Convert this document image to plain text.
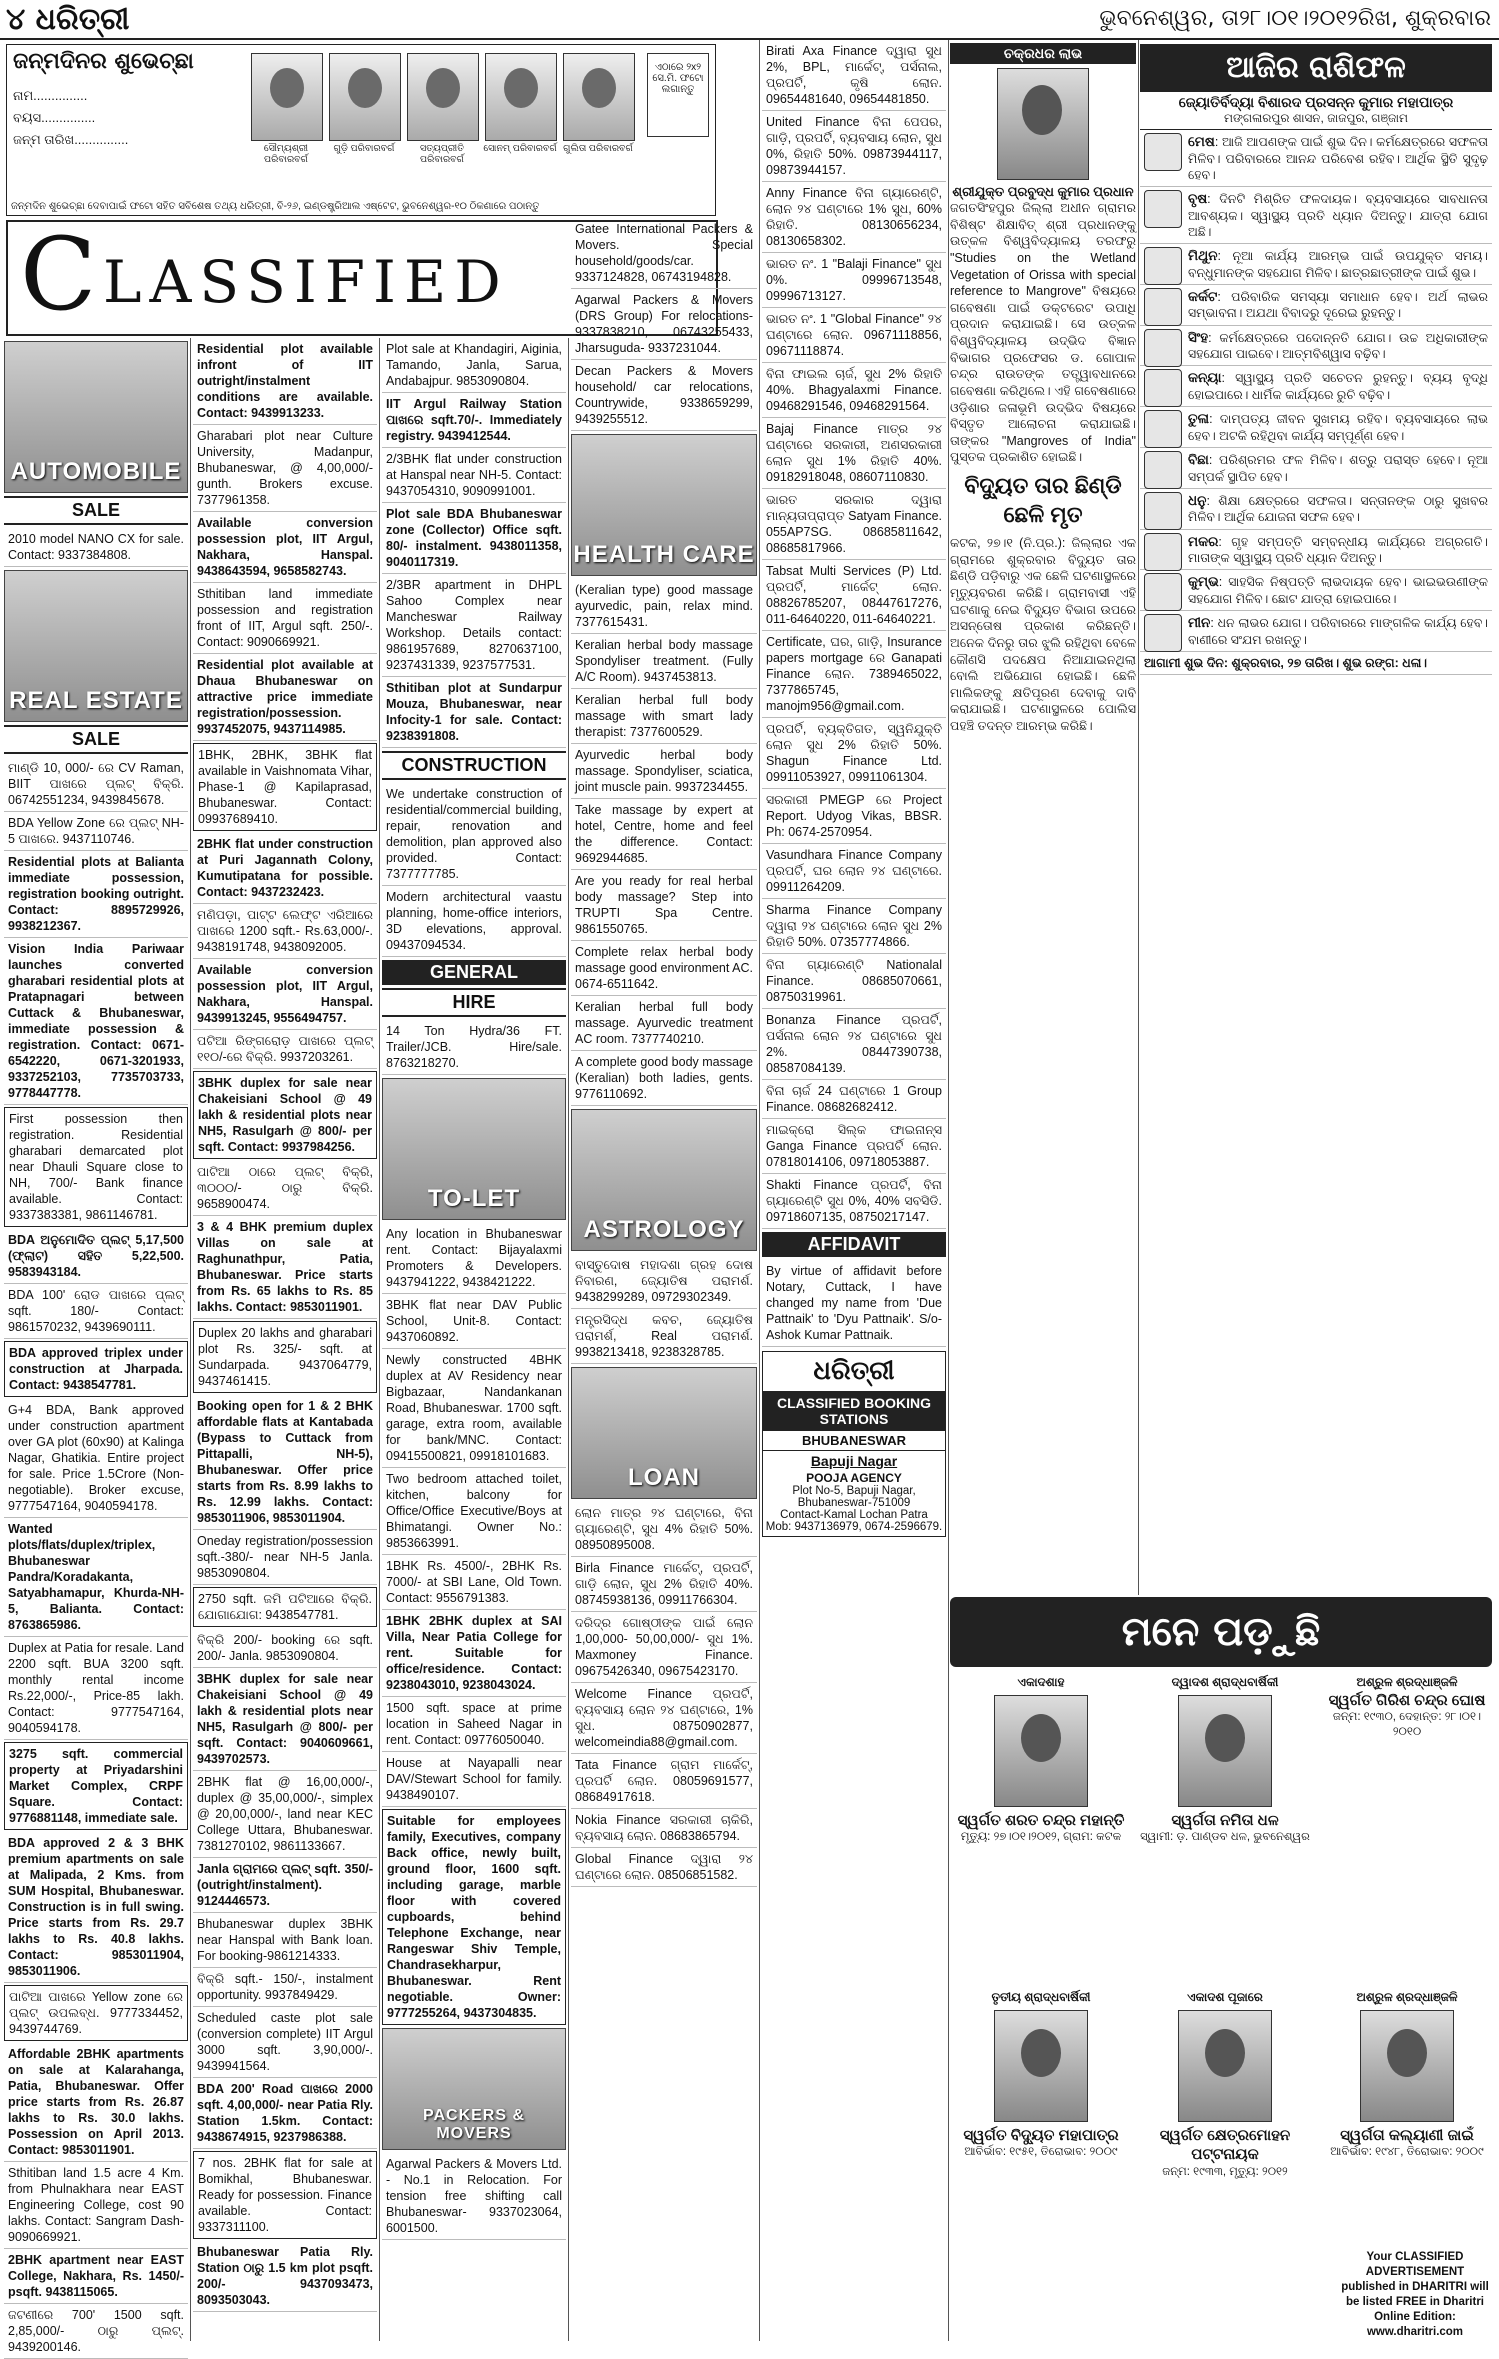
୪ ଧରିତ୍ରୀ	ଭୁବନେଶ୍ୱର, ତା୨୮।୦୧।୨୦୧୨ରିଖ, ଶୁକ୍ରବାର
ଜନ୍ମଦିନର ଶୁଭେଚ୍ଛା
ନାମ...............
ବୟସ...............
ଜନ୍ମ ତାରିଖ...............
ସୌମ୍ୟଶ୍ରୀ ପରିବାରବର୍ଗ
ଗୁଡ଼ି ପରିବାରବର୍ଗ	ସତ୍ୟପ୍ରୀତି ପରିବାରବର୍ଗ
ସୋନମ୍ ପରିବାରବର୍ଗ ଗୁଲିତା ପରିବାରବର୍ଗ
ଏଠାରେ ୨x୨ ସେ.ମି. ଫଟୋ ଲଗାନ୍ତୁ
ଜନ୍ମଦିନ ଶୁଭେଚ୍ଛା ଦେବାପାଇଁ ଫଟୋ ସହିତ ସବିଶେଷ ତଥ୍ୟ ଧରିତ୍ରୀ, ବି-୨୬, ଇଣ୍ଡଷ୍ଟ୍ରିଆଲ ଏଷ୍ଟେଟ, ଭୁବନେଶ୍ୱର-୧୦ ଠିକଣାରେ ପଠାନ୍ତୁ
C LASSIFIED
AUTOMOBILE
SALE
2010 model NANO CX for sale. Contact: 9337384808.
REAL ESTATE
SALE
ମାଣ୍ଡି 10, 000/- ରେ CV Raman, BIIT ପାଖରେ ପ୍ଲଟ୍ ବିକ୍ରି. 06742551234, 9439845678.
BDA Yellow Zone ରେ ପ୍ଲଟ୍ NH-5 ପାଖରେ. 9437110746.
Residential plots at Balianta immediate possession, registration booking outright. Contact: 8895729926, 9938212367.
Vision India Pariwaar launches converted gharabari residential plots at Pratapnagari between Cuttack & Bhubaneswar, immediate possession & registration. Contact: 0671-6542220, 0671-3201933, 9337252103, 7735703733, 9778447778.
First possession then registration. Residential gharabari demarcated plot near Dhauli Square close to NH, 700/- Bank finance available. Contact: 9337383381, 9861146781.
BDA ଅନୁମୋଦିତ ପ୍ଲଟ୍ 5,17,500 (ଫ୍ଲାଟ) ସହିତ 5,22,500. 9583943184.
BDA 100' ରୋଡ ପାଖରେ ପ୍ଲଟ୍ sqft. 180/- Contact: 9861570232, 9439690111.
BDA approved triplex under construction at Jharpada. Contact: 9438547781.
G+4 BDA, Bank approved under construction apartment over GA plot (60x90) at Kalinga Nagar, Ghatikia. Entire project for sale. Price 1.5Crore (Non-negotiable). Broker excuse, 9777547164, 9040594178.
Wanted plots/flats/duplex/triplex, Bhubaneswar Pandra/Koradakanta, Satyabhamapur, Khurda-NH-5, Balianta. Contact: 8763865986.
Duplex at Patia for resale. Land 2200 sqft. BUA 3200 sqft. monthly rental income Rs.22,000/-, Price-85 lakh. Contact: 9777547164, 9040594178.
3275 sqft. commercial property at Priyadarshini Market Complex, CRPF Square. Contact: 9776881148, immediate sale.
BDA approved 2 & 3 BHK premium apartments on sale at Malipada, 2 Kms. from SUM Hospital, Bhubaneswar. Construction is in full swing. Price starts from Rs. 29.7 lakhs to Rs. 40.8 lakhs. Contact: 9853011904, 9853011906.
ପାଟିଆ ପାଖରେ Yellow zone ରେ ପ୍ଲଟ୍ ଉପଲବ୍ଧ. 9777334452, 9439744769.
Affordable 2BHK apartments on sale at Kalarahanga, Patia, Bhubaneswar. Offer price starts from Rs. 26.87 lakhs to Rs. 30.0 lakhs. Possession on April 2013. Contact: 9853011901.
Sthitiban land 1.5 acre 4 Km. from Phulnakhara near EAST Engineering College, cost 90 lakhs. Contact: Sangram Dash- 9090669921.
2BHK apartment near EAST College, Nakhara, Rs. 1450/-psqft. 9438115065.
ଜଟଣୀରେ 700' 1500 sqft. 2,85,000/- ଠାରୁ ପ୍ଲଟ୍. 9439200146.
Residential plot available infront of IIT outright/instalment conditions are available. Contact: 9439913233.
Gharabari plot near Culture University, Madanpur, Bhubaneswar, @ 4,00,000/-gunth. Brokers excuse. 7377961358.
Available conversion possession plot, IIT Argul, Nakhara, Hanspal. 9438643594, 9658582743.
Sthitiban land immediate possession and registration front of IIT, Argul sqft. 250/-. Contact: 9090669921.
Residential plot available at Dhaua Bhubaneswar on attractive price immediate registration/possession. 9937452075, 9437114985.
1BHK, 2BHK, 3BHK flat available in Vaishnomata Vihar, Phase-1 @ Kapilaprasad, Bhubaneswar. Contact: 09937689410.
2BHK flat under construction at Puri Jagannath Colony, Kumutipatana for possible. Contact: 9437232423.
ମଣିପଡ଼ା, ପାଟ୍ଟ ଲେଫ୍ଟ ଏରିଆରେ ପାଖରେ 1200 sqft.- Rs.63,000/-. 9438191748, 9438092005.
Available conversion possession plot, IIT Argul, Nakhara, Hanspal. 9439913245, 9556494757.
ପଟିଆ ରିଙ୍ଗରୋଡ଼ ପାଖରେ ପ୍ଲଟ୍ ୧୧୦/-ରେ ବିକ୍ରି. 9937203261.
3BHK duplex for sale near Chakeisiani School @ 49 lakh & residential plots near NH5, Rasulgarh @ 800/- per sqft. Contact: 9937984256.
ପାଟିଆ ଠାରେ ପ୍ଲଟ୍ ବିକ୍ରି, ୩୦୦୦/- ଠାରୁ ବିକ୍ରି. 9658900474.
3 & 4 BHK premium duplex Villas on sale at Raghunathpur, Patia, Bhubaneswar. Price starts from Rs. 65 lakhs to Rs. 85 lakhs. Contact: 9853011901.
Duplex 20 lakhs and gharabari plot Rs. 325/- sqft. at Sundarpada. 9437064779, 9437461415.
Booking open for 1 & 2 BHK affordable flats at Kantabada (Bypass to Cuttack from Pittapalli, NH-5), Bhubaneswar. Offer price starts from Rs. 8.99 lakhs to Rs. 12.99 lakhs. Contact: 9853011906, 9853011904.
Oneday registration/possession sqft.-380/- near NH-5 Janla. 9853090804.
2750 sqft. ଜମି ପଟିଆରେ ବିକ୍ରି. ଯୋଗାଯୋଗ: 9438547781.
ବିକ୍ରି 200/- booking ରେ sqft. 200/- Janla. 9853090804.
3BHK duplex for sale near Chakeisiani School @ 49 lakh & residential plots near NH5, Rasulgarh @ 800/- per sqft. Contact: 9040609661, 9439702573.
2BHK flat @ 16,00,000/-, duplex @ 35,00,000/-, simplex @ 20,00,000/-, land near KEC College Uttara, Bhubaneswar. 7381270102, 9861133667.
Janla ଗ୍ରାମରେ ପ୍ଲଟ୍ sqft. 350/- (outright/instalment). 9124446573.
Bhubaneswar duplex 3BHK near Hanspal with Bank loan. For booking-9861214333.
ବିକ୍ରି sqft.- 150/-, instalment opportunity. 9937849429.
Scheduled caste plot sale (conversion complete) IIT Argul 3000 sqft. 3,90,000/-. 9439941564.
BDA 200' Road ପାଖରେ 2000 sqft. 4,00,000/- near Patia Rly. Station 1.5km. Contact: 9438674915, 9237986388.
7 nos. 2BHK flat for sale at Bomikhal, Bhubaneswar. Ready for possession. Finance available. Contact: 9337311100.
Bhubaneswar Patia Rly. Station ଠାରୁ 1.5 km plot psqft. 200/- 9437093473, 8093503043.
Plot sale at Khandagiri, Aiginia, Tamando, Janla, Sarua, Andabajpur. 9853090804.
IIT Argul Railway Station ପାଖରେ sqft.70/-. Immediately registry. 9439412544.
2/3BHK flat under construction at Hanspal near NH-5. Contact: 9437054310, 9090991001.
Plot sale BDA Bhubaneswar zone (Collector) Office sqft. 80/- instalment. 9438011358, 9040117319.
2/3BR apartment in DHPL Sahoo Complex near Mancheswar Railway Workshop. Details contact: 9861957689, 8270637100, 9237431339, 9237577531.
Sthitiban plot at Sundarpur Mouza, Bhubaneswar, near Infocity-1 for sale. Contact: 9238391808.
CONSTRUCTION
We undertake construction of residential/commercial building, repair, renovation and demolition, plan approved also provided. Contact: 7377777785.
Modern architectural vaastu planning, home-office interiors, 3D elevations, approval. 09437094534.
GENERAL
HIRE
14 Ton Hydra/36 FT. Trailer/JCB. Hire/sale. 8763218270.
TO-LET
Any location in Bhubaneswar rent. Contact: Bijayalaxmi Promoters & Developers. 9437941222, 9438421222.
3BHK flat near DAV Public School, Unit-8. Contact: 9437060892.
Newly constructed 4BHK duplex at AV Residency near Bigbazaar, Nandankanan Road, Bhubaneswar. 1700 sqft. garage, extra room, available for bank/MNC. Contact: 09415500821, 09918101683.
Two bedroom attached toilet, kitchen, balcony for Office/Office Executive/Boys at Bhimatangi. Owner No.: 9853663991.
1BHK Rs. 4500/-, 2BHK Rs. 7000/- at SBI Lane, Old Town. Contact: 9556791383.
1BHK 2BHK duplex at SAI Villa, Near Patia College for rent. Suitable for office/residence. Contact: 9238043010, 9238043024.
1500 sqft. space at prime location in Saheed Nagar in rent. Contact: 09776050040.
House at Nayapalli near DAV/Stewart School for family. 9438490107.
Suitable for employees family, Executives, company Back office, newly built, ground floor, 1600 sqft. including garage, marble floor with covered cupboards, behind Telephone Exchange, near Rangeswar Shiv Temple, Chandrasekharpur, Bhubaneswar. Rent negotiable. Owner: 9777255264, 9437304835.
PACKERS & MOVERS
Agarwal Packers & Movers Ltd. - No.1 in Relocation. For tension free shifting call Bhubaneswar- 9337023064, 6001500.
Gatee International Packers & Movers. Special household/goods/car. 9337124828, 06743194828.
Agarwal Packers & Movers (DRS Group) For relocations- 9337838210, 06743255433, Jharsuguda- 9337231044.
Decan Packers & Movers household/ car relocations, Countrywide, 9338659299, 9439255512.
HEALTH CARE
(Keralian type) good massage ayurvedic, pain, relax mind. 7377615431.
Keralian herbal body massage Spondyliser treatment. (Fully A/C Room). 9437453813.
Keralian herbal full body massage with smart lady therapist: 7377600529.
Ayurvedic herbal body massage. Spondyliser, sciatica, joint muscle pain. 9937234455.
Take massage by expert at hotel, Centre, home and feel the difference. Contact: 9692944685.
Are you ready for real herbal body massage? Step into TRUPTI Spa Centre. 9861550765.
Complete relax herbal body massage good environment AC. 0674-6511642.
Keralian herbal full body massage. Ayurvedic treatment AC room. 7377740210.
A complete good body massage (Keralian) both ladies, gents. 9776110692.
ASTROLOGY
ବାସ୍ତୁଦୋଷ ମହାଦଶା ଗ୍ରହ ଦୋଷ ନିବାରଣ, ଜ୍ୟୋତିଷ ପରାମର୍ଶ. 9438299289, 09729302349.
ମନ୍ତ୍ରସିଦ୍ଧ କବଚ, ଜ୍ୟୋତିଷ ପରାମର୍ଶ, Real ପରାମର୍ଶ. 9938213418, 9238328785.
LOAN
ଲୋନ ମାତ୍ର ୨୪ ଘଣ୍ଟାରେ, ବିନା ଗ୍ୟାରେଣ୍ଟି, ସୁଧ 4% ରିହାତି 50%. 08950895008.
Birla Finance ମାର୍କେଟ୍, ପ୍ରପର୍ଟି, ଗାଡ଼ି ଲୋନ, ସୁଧ 2% ରିହାତି 40%. 08745938136, 09911766304.
ଦରିଦ୍ର ଗୋଷ୍ଠୀଙ୍କ ପାଇଁ ଲୋନ 1,00,000- 50,00,000/- ସୁଧ 1%. Maxmoney Finance. 09675426340, 09675423170.
Welcome Finance ପ୍ରପର୍ଟି, ବ୍ୟବସାୟ ଲୋନ ୨୪ ଘଣ୍ଟାରେ, 1% ସୁଧ. 08750902877, welcomeindia88@gmail.com.
Tata Finance ଗ୍ରାମ ମାର୍କେଟ୍, ପ୍ରପର୍ଟି ଲୋନ. 08059691577, 08684917618.
Nokia Finance ସରକାରୀ ଚାକିରି, ବ୍ୟବସାୟ ଲୋନ. 08683865794.
Global Finance ଦ୍ୱାରା ୨୪ ଘଣ୍ଟାରେ ଲୋନ. 08506851582.
Birati Axa Finance ଦ୍ୱାରା ସୁଧ 2%, BPL, ମାର୍କେଟ୍, ପର୍ସନାଲ, ପ୍ରପର୍ଟି, କୃଷି ଲୋନ. 09654481640, 09654481850.
United Finance ବିନା ପେପର, ଗାଡ଼ି, ପ୍ରପର୍ଟି, ବ୍ୟବସାୟ ଲୋନ, ସୁଧ 0%, ରିହାତି 50%. 09873944117, 09873944157.
Anny Finance ବିନା ଗ୍ୟାରେଣ୍ଟି, ଲୋନ ୨୪ ଘଣ୍ଟାରେ 1% ସୁଧ, 60% ରିହାତି. 08130656234, 08130658302.
ଭାରତ ନଂ. 1 "Balaji Finance" ସୁଧ 0%. 09996713548, 09996713127.
ଭାରତ ନଂ. 1 "Global Finance" ୨୪ ଘଣ୍ଟାରେ ଲୋନ. 09671118856, 09671118874.
ବିନା ଫାଇଲ ଚାର୍ଜ, ସୁଧ 2% ରିହାତି 40%. Bhagyalaxmi Finance. 09468291546, 09468291564.
Bajaj Finance ମାତ୍ର ୨୪ ଘଣ୍ଟାରେ ସରକାରୀ, ଅଣସରକାରୀ ଲୋନ ସୁଧ 1% ରିହାତି 40%. 09182918048, 08607110830.
ଭାରତ ସରକାର ଦ୍ୱାରା ମାନ୍ୟତାପ୍ରାପ୍ତ Satyam Finance. 055AP7SG. 08685811642, 08685817966.
Tabsat Multi Services (P) Ltd. ପ୍ରପର୍ଟି, ମାର୍କେଟ୍ ଲୋନ. 08826785207, 08447617276, 011-64640220, 011-64640221.
Certificate, ଘର, ଗାଡ଼ି, Insurance papers mortgage ରେ Ganapati Finance ଲୋନ. 7389465022, 7377865745, manojm956@gmail.com.
ପ୍ରପର୍ଟି, ବ୍ୟକ୍ତିଗତ, ସ୍ୱନିଯୁକ୍ତି ଲୋନ ସୁଧ 2% ରିହାତି 50%. Shagun Finance Ltd. 09911053927, 09911061304.
ସରକାରୀ PMEGP ରେ Project Report. Udyog Vikas, BBSR. Ph: 0674-2570954.
Vasundhara Finance Company ପ୍ରପର୍ଟି, ଘର ଲୋନ ୨୪ ଘଣ୍ଟାରେ. 09911264209.
Sharma Finance Company ଦ୍ୱାରା ୨୪ ଘଣ୍ଟାରେ ଲୋନ ସୁଧ 2% ରିହାତି 50%. 07357774866.
ବିନା ଗ୍ୟାରେଣ୍ଟି Nationalal Finance. 08685070661, 08750319961.
Bonanza Finance ପ୍ରପର୍ଟି, ପର୍ସନାଲ ଲୋନ ୨୪ ଘଣ୍ଟାରେ ସୁଧ 2%. 08447390738, 08587084139.
ବିନା ଚାର୍ଜ 24 ଘଣ୍ଟାରେ 1 Group Finance. 08682682412.
ମାଇକ୍ରୋ ସିଲ୍କ ଫାଇନାନ୍ସ Ganga Finance ପ୍ରପର୍ଟି ଲୋନ. 07818014106, 09718053887.
Shakti Finance ପ୍ରପର୍ଟି, ବିନା ଗ୍ୟାରେଣ୍ଟି ସୁଧ 0%, 40% ସବସିଡି. 09718607135, 08750217147.
AFFIDAVIT
By virtue of affidavit before Notary, Cuttack, I have changed my name from 'Due Pattnaik' to 'Dyu Pattnaik'. S/o-Ashok Kumar Pattnaik.
ଧରିତ୍ରୀ
CLASSIFIED BOOKING STATIONS
BHUBANESWAR
Bapuji Nagar
POOJA AGENCY
Plot No-5, Bapuji Nagar, Bhubaneswar-751009
Contact-Kamal Lochan Patra
Mob: 9437136979, 0674-2596679.
ଚକ୍ରଧର ଲାଭ
ଶ୍ରୀଯୁକ୍ତ ପ୍ରବୁଦ୍ଧ କୁମାର ପ୍ରଧାନ
ଜଗତସିଂହପୁର ଜିଲ୍ଲା ଅଧୀନ ଗ୍ରାମର ବିଶିଷ୍ଟ ଶିକ୍ଷାବିତ୍ ଶ୍ରୀ ପ୍ରଧାନଙ୍କୁ ଉତ୍କଳ ବିଶ୍ୱବିଦ୍ୟାଳୟ ତରଫରୁ "Studies on the Wetland Vegetation of Orissa with special reference to Mangrove" ବିଷୟରେ ଗବେଷଣା ପାଇଁ ଡକ୍ଟରେଟ ଉପାଧି ପ୍ରଦାନ କରାଯାଇଛି। ସେ ଉତ୍କଳ ବିଶ୍ୱବିଦ୍ୟାଳୟ ଉଦ୍ଭିଦ ବିଜ୍ଞାନ ବିଭାଗର ପ୍ରଫେସର ଡ. ଗୋପାଳ ଚନ୍ଦ୍ର ରାଉତଙ୍କ ତତ୍ତ୍ୱାବଧାନରେ ଗବେଷଣା କରିଥିଲେ। ଏହି ଗବେଷଣାରେ ଓଡ଼ିଶାର ଜଳାଭୂମି ଉଦ୍ଭିଦ ବିଷୟରେ ବିସ୍ତୃତ ଆଲୋଚନା କରାଯାଇଛି। ତାଙ୍କର "Mangroves of India" ପୁସ୍ତକ ପ୍ରକାଶିତ ହୋଇଛି।
ବିଦ୍ୟୁତ ତାର ଛିଣ୍ଡି ଛେଳି ମୃତ
କଟକ, ୨୭।୧ (ନି.ପ୍ର.): ଜିଲ୍ଲାର ଏକ ଗ୍ରାମରେ ଶୁକ୍ରବାର ବିଦ୍ୟୁତ ତାର ଛିଣ୍ଡି ପଡ଼ିବାରୁ ଏକ ଛେଳି ଘଟଣାସ୍ଥଳରେ ମୃତ୍ୟୁବରଣ କରିଛି। ଗ୍ରାମବାସୀ ଏହି ଘଟଣାକୁ ନେଇ ବିଦ୍ୟୁତ ବିଭାଗ ଉପରେ ଅସନ୍ତୋଷ ପ୍ରକାଶ କରିଛନ୍ତି। ଅନେକ ଦିନରୁ ତାର ଝୁଲି ରହିଥିବା ବେଳେ କୌଣସି ପଦକ୍ଷେପ ନିଆଯାଇନଥିଲା ବୋଲି ଅଭିଯୋଗ ହୋଇଛି। ଛେଳି ମାଲିକଙ୍କୁ କ୍ଷତିପୂରଣ ଦେବାକୁ ଦାବି କରାଯାଇଛି। ଘଟଣାସ୍ଥଳରେ ପୋଲିସ ପହଞ୍ଚି ତଦନ୍ତ ଆରମ୍ଭ କରିଛି।
ଆଜିର ରାଶିଫଳ
ଜ୍ୟୋତିର୍ବିଦ୍ୟା ବିଶାରଦ ପ୍ରସନ୍ନ କୁମାର ମହାପାତ୍ର
ମଙ୍ଗଳାରପୁର ଶାସନ, ଜାଜପୁର, ଗଞ୍ଜାମ
ମେଷ: ଆଜି ଆପଣଙ୍କ ପାଇଁ ଶୁଭ ଦିନ। କର୍ମକ୍ଷେତ୍ରରେ ସଫଳତା ମିଳିବ। ପରିବାରରେ ଆନନ୍ଦ ପରିବେଶ ରହିବ। ଆର୍ଥିକ ସ୍ଥିତି ସୁଦୃଢ଼ ହେବ।
ବୃଷ: ଦିନଟି ମିଶ୍ରିତ ଫଳଦାୟକ। ବ୍ୟବସାୟରେ ସାବଧାନତା ଆବଶ୍ୟକ। ସ୍ୱାସ୍ଥ୍ୟ ପ୍ରତି ଧ୍ୟାନ ଦିଅନ୍ତୁ। ଯାତ୍ରା ଯୋଗ ଅଛି।
ମିଥୁନ: ନୂଆ କାର୍ଯ୍ୟ ଆରମ୍ଭ ପାଇଁ ଉପଯୁକ୍ତ ସମୟ। ବନ୍ଧୁମାନଙ୍କ ସହଯୋଗ ମିଳିବ। ଛାତ୍ରଛାତ୍ରୀଙ୍କ ପାଇଁ ଶୁଭ।
କର୍କଟ: ପରିବାରିକ ସମସ୍ୟା ସମାଧାନ ହେବ। ଅର୍ଥ ଲାଭର ସମ୍ଭାବନା। ଅଯଥା ବିବାଦରୁ ଦୂରେଇ ରୁହନ୍ତୁ।
ସିଂହ: କର୍ମକ୍ଷେତ୍ରରେ ପଦୋନ୍ନତି ଯୋଗ। ଉଚ୍ଚ ଅଧିକାରୀଙ୍କ ସହଯୋଗ ପାଇବେ। ଆତ୍ମବିଶ୍ୱାସ ବଢ଼ିବ।
କନ୍ୟା: ସ୍ୱାସ୍ଥ୍ୟ ପ୍ରତି ସଚେତନ ରୁହନ୍ତୁ। ବ୍ୟୟ ବୃଦ୍ଧି ହୋଇପାରେ। ଧାର୍ମିକ କାର୍ଯ୍ୟରେ ରୁଚି ବଢ଼ିବ।
ତୁଳା: ଦାମ୍ପତ୍ୟ ଜୀବନ ସୁଖମୟ ରହିବ। ବ୍ୟବସାୟରେ ଲାଭ ହେବ। ଅଟକି ରହିଥିବା କାର୍ଯ୍ୟ ସମ୍ପୂର୍ଣ୍ଣ ହେବ।
ବିଛା: ପରିଶ୍ରମର ଫଳ ମିଳିବ। ଶତ୍ରୁ ପରାସ୍ତ ହେବେ। ନୂଆ ସମ୍ପର୍କ ସ୍ଥାପିତ ହେବ।
ଧନୁ: ଶିକ୍ଷା କ୍ଷେତ୍ରରେ ସଫଳତା। ସନ୍ତାନଙ୍କ ଠାରୁ ସୁଖବର ମିଳିବ। ଆର୍ଥିକ ଯୋଜନା ସଫଳ ହେବ।
ମକର: ଗୃହ ସମ୍ପତ୍ତି ସମ୍ବନ୍ଧୀୟ କାର୍ଯ୍ୟରେ ଅଗ୍ରଗତି। ମାତାଙ୍କ ସ୍ୱାସ୍ଥ୍ୟ ପ୍ରତି ଧ୍ୟାନ ଦିଅନ୍ତୁ।
କୁମ୍ଭ: ସାହସିକ ନିଷ୍ପତ୍ତି ଲାଭଦାୟକ ହେବ। ଭାଇଭଉଣୀଙ୍କ ସହଯୋଗ ମିଳିବ। ଛୋଟ ଯାତ୍ରା ହୋଇପାରେ।
ମୀନ: ଧନ ଲାଭର ଯୋଗ। ପରିବାରରେ ମାଙ୍ଗଳିକ କାର୍ଯ୍ୟ ହେବ। ବାଣୀରେ ସଂଯମ ରଖନ୍ତୁ।
ଆଗାମୀ ଶୁଭ ଦିନ: ଶୁକ୍ରବାର, ୨୭ ତାରିଖ। ଶୁଭ ରଙ୍ଗ: ଧଳା।
ମନେ ପଡ଼ୁଛି
ଏକାଦଶାହ
ସ୍ୱର୍ଗତ ଶରତ ଚନ୍ଦ୍ର ମହାନ୍ତି
ମୃତ୍ୟୁ: ୨୭।୦୧।୨୦୧୨, ଗ୍ରାମ: କଟକ
ଦ୍ୱାଦଶ ଶ୍ରାଦ୍ଧବାର୍ଷିକୀ
ସ୍ୱର୍ଗତା ନମିତା ଧଳ
ସ୍ୱାମୀ: ଡ଼. ପାଣ୍ଡବ ଧଳ, ଭୁବନେଶ୍ୱର
ଅଶ୍ରୁଳ ଶ୍ରଦ୍ଧାଞ୍ଜଳି
ସ୍ୱର୍ଗତ ଗିରିଶ ଚନ୍ଦ୍ର ଘୋଷ
ଜନ୍ମ: ୧୯୩୦, ଦେହାନ୍ତ: ୨୮।୦୧।୨୦୧୦
ତୃତୀୟ ଶ୍ରାଦ୍ଧବାର୍ଷିକୀ
ସ୍ୱର୍ଗତ ବିଦ୍ୟୁତ ମହାପାତ୍ର
ଆବିର୍ଭାବ: ୧୯୫୧, ତିରୋଭାବ: ୨୦୦୯
ଏକାଦଶ ପୂଜାରେ
ସ୍ୱର୍ଗତ କ୍ଷେତ୍ରମୋହନ ପଟ୍ଟନାୟକ
ଜନ୍ମ: ୧୯୩୩, ମୃତ୍ୟୁ: ୨୦୧୨
ଅଶ୍ରୁଳ ଶ୍ରଦ୍ଧାଞ୍ଜଳି
ସ୍ୱର୍ଗତା କଲ୍ୟାଣୀ ଜାଇଁ
ଆବିର୍ଭାବ: ୧୯୪୮, ତିରୋଭାବ: ୨୦୦୯
Your CLASSIFIED ADVERTISEMENT published in DHARITRI will be listed FREE in Dharitri Online Edition: www.dharitri.com
